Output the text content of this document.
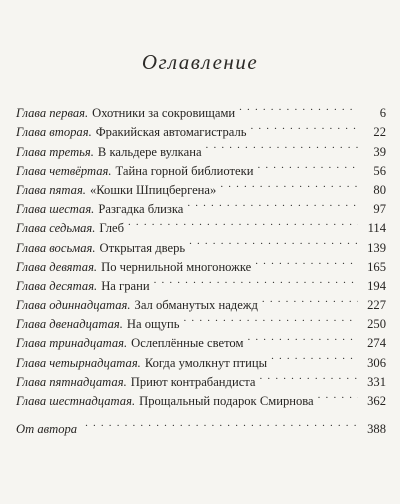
Оглавление
Глава первая. Охотники за сокровищами . . .	6
Глава вторая. Фракийская автомагистраль . . .	22
Глава третья. В кальдере вулкана . . .	39
Глава четвёртая. Тайна горной библиотеки . . .	56
Глава пятая. «Кошки Шпицбергена» . . .	80
Глава шестая. Разгадка близка . . .	97
Глава седьмая. Глеб . . .	114
Глава восьмая. Открытая дверь . . .	139
Глава девятая. По чернильной многоножке . . .	165
Глава десятая. На грани . . .	194
Глава одиннадцатая. Зал обманутых надежд . . .	227
Глава двенадцатая. На ощупь . . .	250
Глава тринадцатая. Ослеплённые светом . . .	274
Глава четырнадцатая. Когда умолкнут птицы . . .	306
Глава пятнадцатая. Приют контрабандиста . . .	331
Глава шестнадцатая. Прощальный подарок Смирнова . . .	362
От автора . . .	388
